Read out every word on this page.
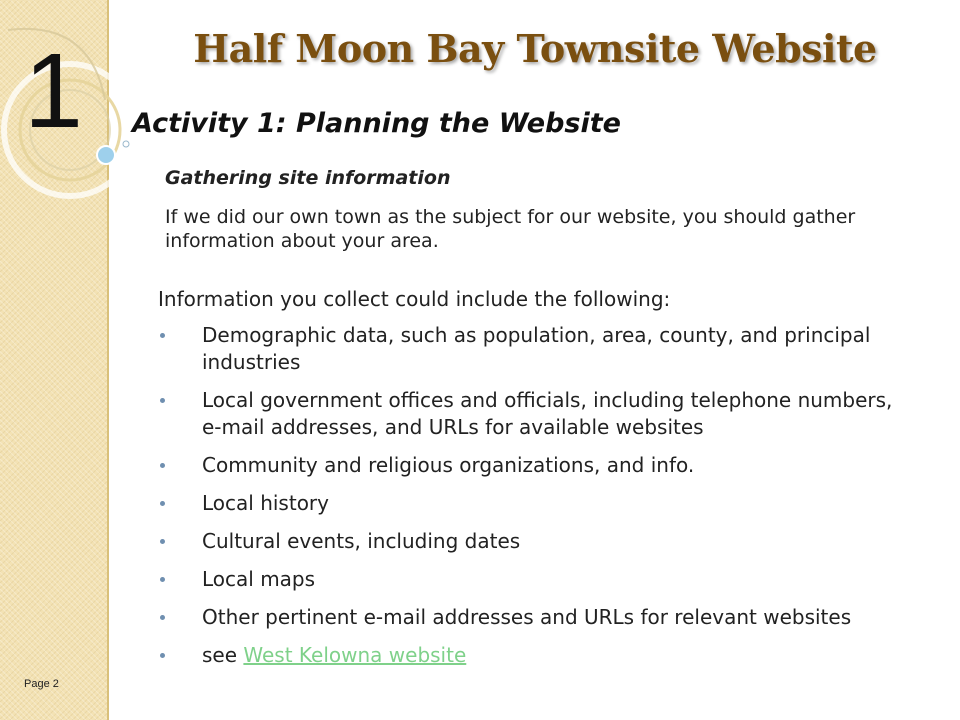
1	Half Moon Bay Townsite Website
Activity 1: Planning the Website
Gathering site information

If we did our own town as the subject for our website, you should gather information about your area.

Information you collect could include the following:

Demographic data, such as population, area, county, and principal industries
Local government offices and officials, including telephone numbers, e-mail addresses, and URLs for available websites
Community and religious organizations, and info.
Local history
Cultural events, including dates
Local maps
Other pertinent e-mail addresses and URLs for relevant websites
see West Kelowna website
Page 2
